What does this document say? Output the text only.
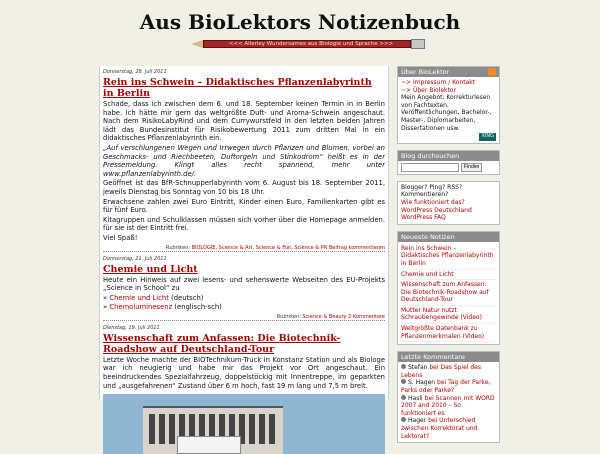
Aus BioLektors Notizenbuch
<<< Allerley Wundersames aus Biologie und Sprache >>>
Donnerstag, 28. Juli 2011
Rein ins Schwein – Didaktisches Pflanzenlabyrinth in Berlin

Schade, dass ich zwischen dem 6. und 18. September keinen Termin in in Berlin habe. Ich hätte mir gern das weltgrößte Duft- und Aroma-Schwein angeschaut. Nach dem RisikoLabyRind und dem Currywurstfeld in den letzten beiden Jahren lädt das Bundesinstitut für Risikobewertung 2011 zum dritten Mal in ein didaktisches Pflanzenlabyrinth ein.

„Auf verschlungenen Wegen und Irrwegen durch Pflanzen und Blumen, vorbei an Geschmacks- und Riechbeeten, Duftorgeln und Stinkodrom“ heißt es in der Pressemeldung. Klingt alles recht spannend, mehr unter www.pflanzenlabyrinth.de/.

Geöffnet ist das BfR-Schnupperlabyrinth vom 6. August bis 18. September 2011, jeweils Dienstag bis Sonntag von 10 bis 18 Uhr.

Erwachsene zahlen zwei Euro Eintritt, Kinder einen Euro, Familienkarten gibt es für fünf Euro.

Kitagruppen und Schulklassen müssen sich vorher über die Homepage anmelden. für sie ist der Eintritt frei.

Viel Spaß!

Rubriken: BIOLOGIE, Science & Art, Science & Fun, Science & PR Beitrag kommentieren
Donnerstag, 21. Juli 2011
Chemie und Licht

Heute ein Hinweis auf zwei lesens- und sehenswerte Webseiten des EU-Projekts „Science in School“ zu

» Chemie und Licht (deutsch)

» Chemoluminesenz (englisch-sch)

Rubriken: Science & Beauty 2 Kommentare
Dienstag, 19. Juli 2011
Wissenschaft zum Anfassen: Die Biotechnik-Roadshow auf Deutschland-Tour

Letzte Woche machte der BIOTechnikum-Truck in Konstanz Station und als Biologe war ich neugierig und habe mir das Projekt vor Ort angeschaut. Ein beeindruckendes Spezialfahrzeug, doppelstöckig mit Innentreppe, im geparkten und „ausgefahrenen“ Zustand über 6 m hoch, fast 19 m lang und 7,5 m breit.

Über BioLektor
~> Impressum / Kontakt
~> Über Biolektor
Mein Angebot: Korrekturlesen von Fachtexten, Veröffentlichungen, Bachelor-, Master-, Diplomarbeiten, Dissertationen usw.
XING
Blog durchsuchen
Finden
Blogger? Ping? RSS? Kommentieren?
Wie funktioniert das?
WordPress Deutschland
WordPress FAQ
Neueste Notizen
Rein ins Schwein – Didaktisches Pflanzenlabyrinth in Berlin
Chemie und Licht
Wissenschaft zum Anfassen: Die Biotechnik-Roadshow auf Deutschland-Tour
Mutter Natur nutzt Schraubengewinde (Video)
Weltgrößte Datenbank zu Pflanzenmerkmalen (Video)
Letzte Kommentare
Stefan bei Das Spiel des Lebens
S. Hagen bei Tag der Parke, Parks oder Parke?
Hasli bei Scannen mit WORD 2007 and 2010 – So funktioniert es
Hager bei Unterschied zwischen Korrektorat und Lektorat?
